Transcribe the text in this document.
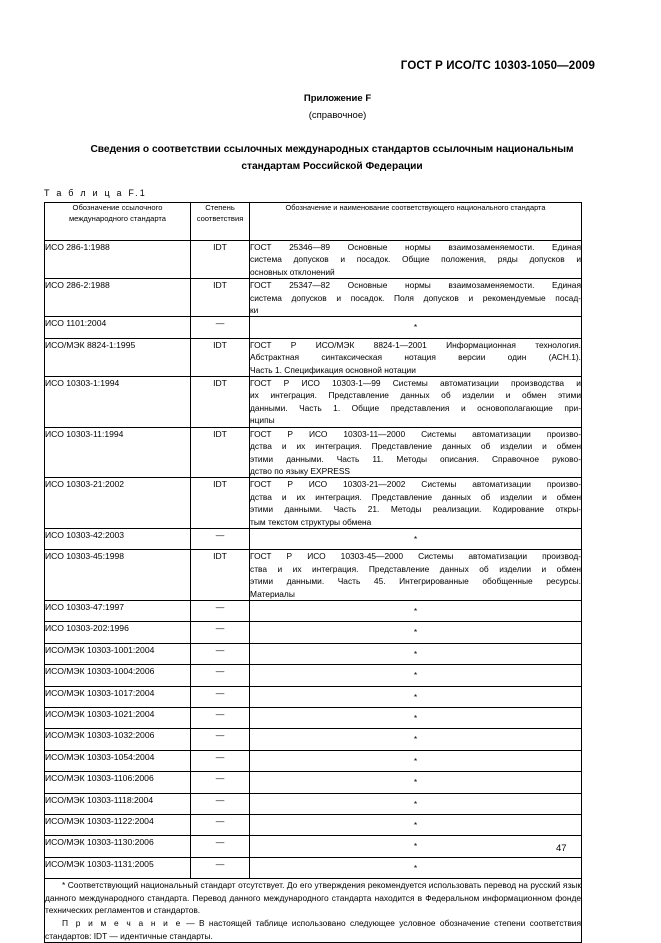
ГОСТ Р ИСО/ТС 10303-1050—2009
Приложение F
(справочное)
Сведения о соответствии ссылочных международных стандартов ссылочным национальным
стандартам Российской Федерации
Т а б л и ц а F.1
Обозначение ссылочного международного стандарта	Степень соответствия	Обозначение и наименование соответствующего национального стандарта
ИСО 286-1:1988	IDT	ГОСТ 25346—89 Основные нормы взаимозаменяемости. Единая
система допусков и посадок. Общие положения, ряды допусков и
основных отклонений

ИСО 286-2:1988	IDT	ГОСТ 25347—82 Основные нормы взаимозаменяемости. Единая
система допусков и посадок. Поля допусков и рекомендуемые посад-
ки

ИСО 1101:2004	—	*

ИСО/МЭК 8824-1:1995	IDT	ГОСТ Р ИСО/МЭК 8824-1—2001 Информационная технология.
Абстрактная синтаксическая нотация версии один (АСН.1).
Часть 1. Спецификация основной нотации

ИСО 10303-1:1994	IDT	ГОСТ Р ИСО 10303-1—99 Системы автоматизации производства и
их интеграция. Представление данных об изделии и обмен этими
данными. Часть 1. Общие представления и основополагающие при-
нципы

ИСО 10303-11:1994	IDT	ГОСТ Р ИСО 10303-11—2000 Системы автоматизации произво-
дства и их интеграция. Представление данных об изделии и обмен
этими данными. Часть 11. Методы описания. Справочное руково-
дство по языку EXPRESS

ИСО 10303-21:2002	IDT	ГОСТ Р ИСО 10303-21—2002 Системы автоматизации произво-
дства и их интеграция. Представление данных об изделии и обмен
этими данными. Часть 21. Методы реализации. Кодирование откры-
тым текстом структуры обмена

ИСО 10303-42:2003	—	*

ИСО 10303-45:1998	IDT	ГОСТ Р ИСО 10303-45—2000 Системы автоматизации производ-
ства и их интеграция. Представление данных об изделии и обмен
этими данными. Часть 45. Интегрированные обобщенные ресурсы.
Материалы

ИСО 10303-47:1997	—	*

ИСО 10303-202:1996	—	*

ИСО/МЭК 10303-1001:2004	—	*

ИСО/МЭК 10303-1004:2006	—	*

ИСО/МЭК 10303-1017:2004	—	*

ИСО/МЭК 10303-1021:2004	—	*

ИСО/МЭК 10303-1032:2006	—	*

ИСО/МЭК 10303-1054:2004	—	*

ИСО/МЭК 10303-1106:2006	—	*

ИСО/МЭК 10303-1118:2004	—	*

ИСО/МЭК 10303-1122:2004	—	*

ИСО/МЭК 10303-1130:2006	—	*

ИСО/МЭК 10303-1131:2005	—	*

* Соответствующий национальный стандарт отсутствует. До его утверждения рекомендуется использовать перевод на русский язык данного международного стандарта. Перевод данного международного стандарта находится в Федеральном информационном фонде технических регламентов и стандартов.

П р и м е ч а н и е — В настоящей таблице использовано следующее условное обозначение степени соответствия стандартов: IDT — идентичные стандарты.		

47
